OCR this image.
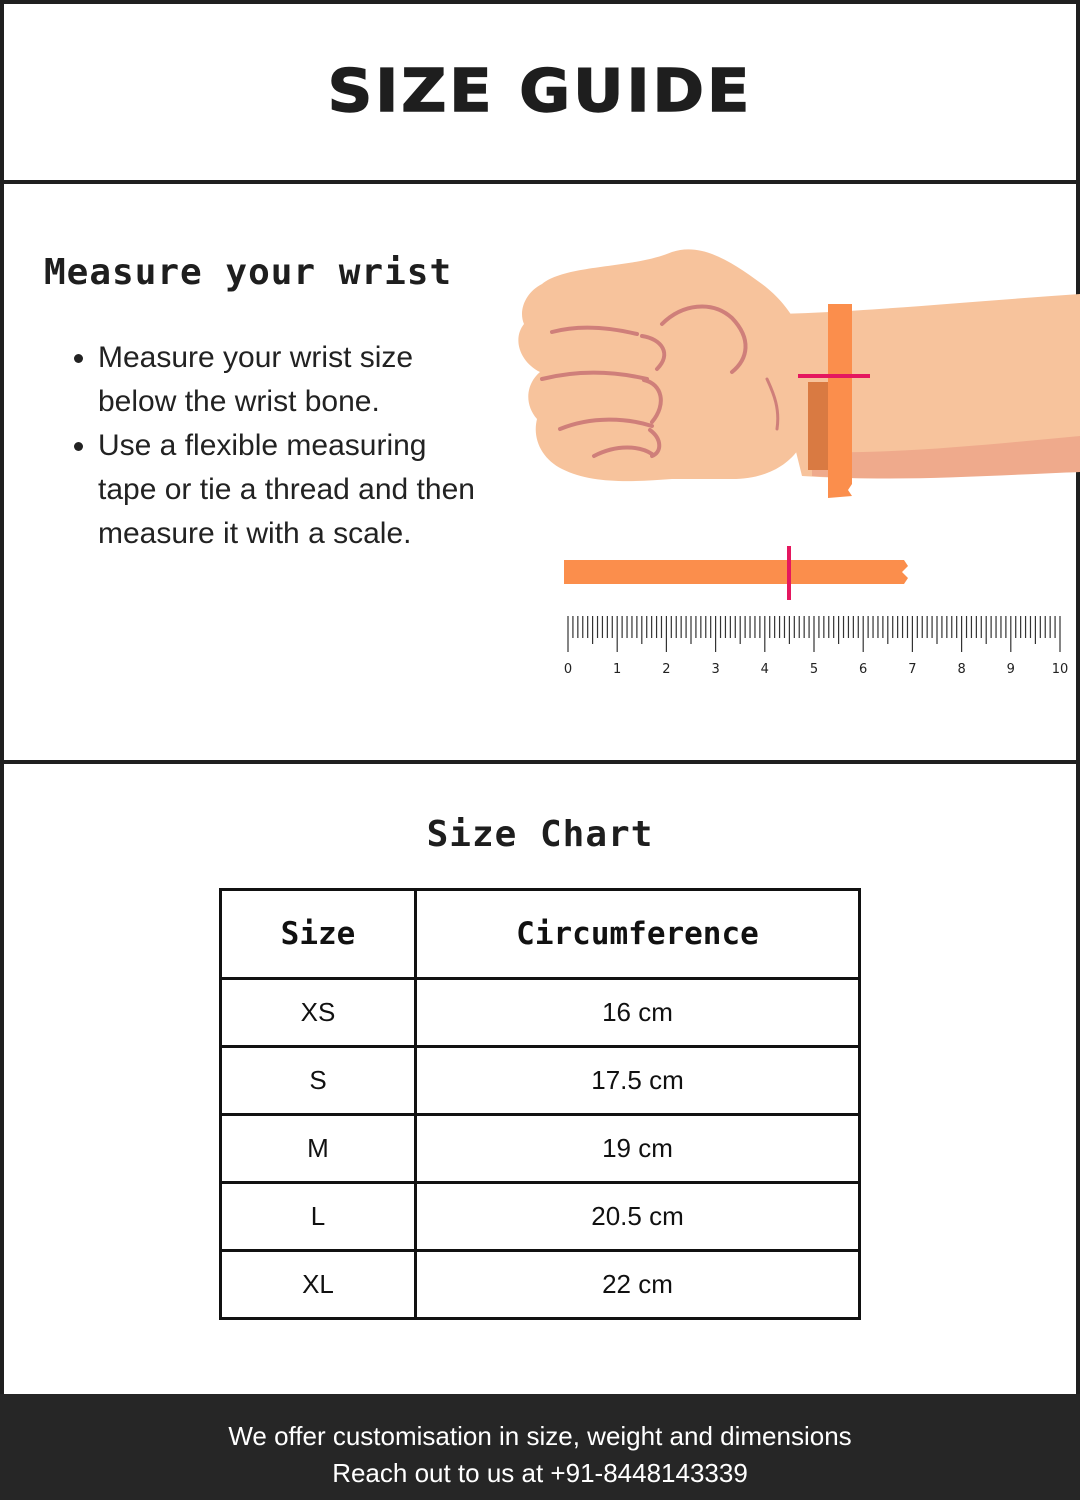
SIZE GUIDE
Measure your wrist
• Measure your wrist size below the wrist bone.
• Use a flexible measuring tape or tie a thread and then measure it with a scale.
0	1	2	3	4	5	6	7	8	9	10
Size Chart
Size	Circumference
XS	16 cm
S	17.5 cm
M	19 cm
L	20.5 cm
XL	22 cm
We offer customisation in size, weight and dimensions
Reach out to us at +91-8448143339
